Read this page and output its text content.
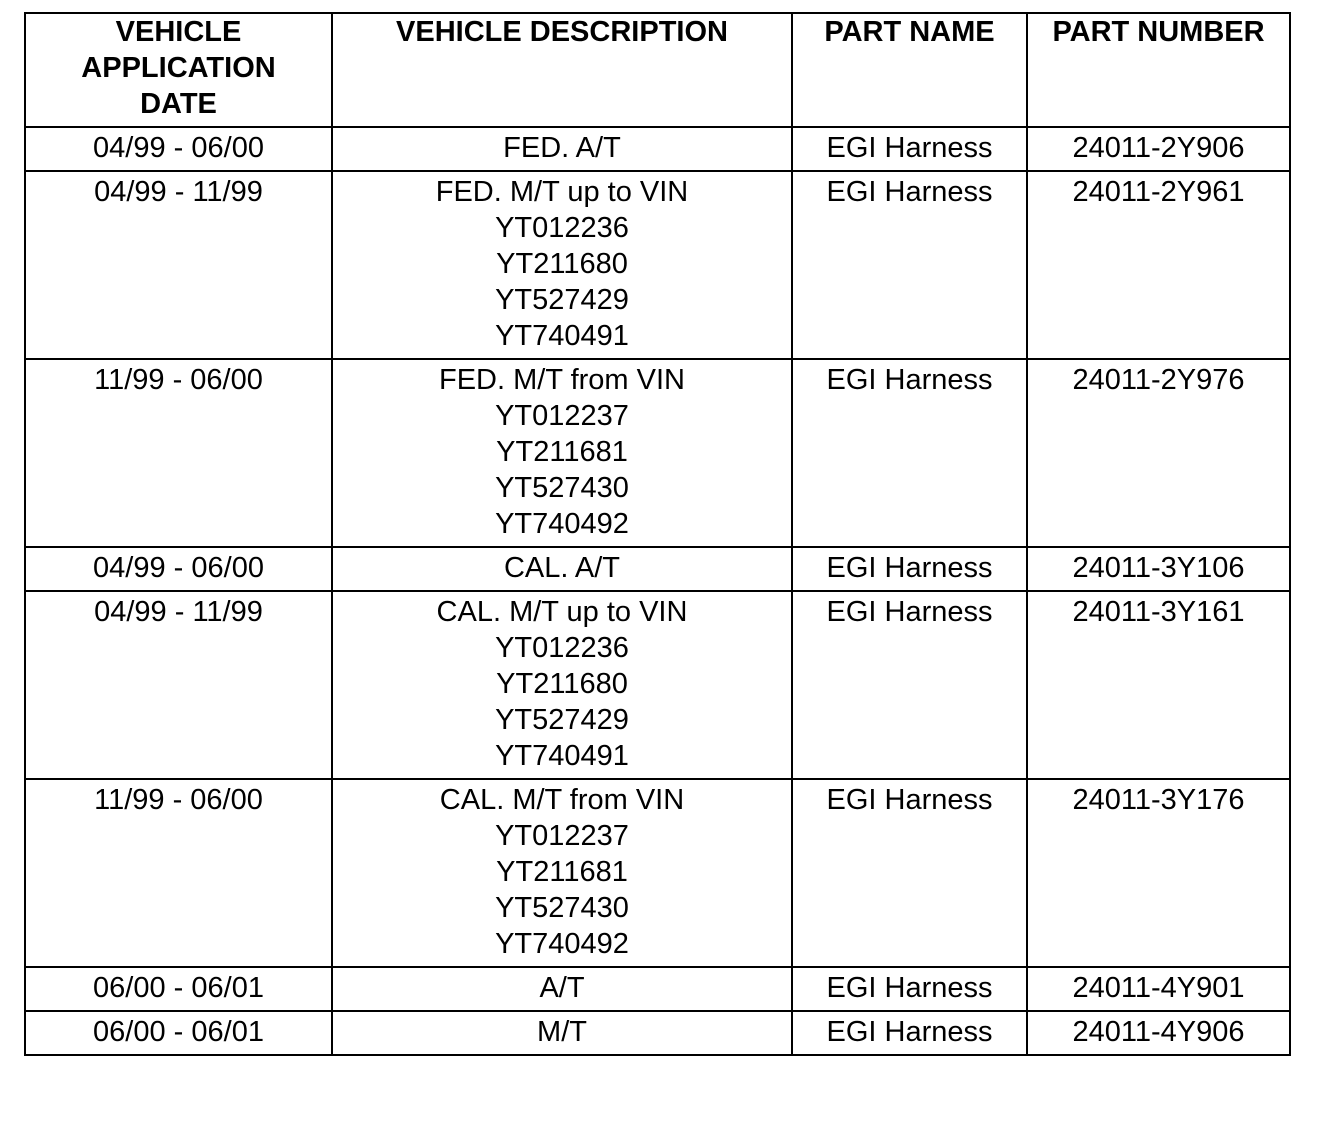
VEHICLE
APPLICATION
DATE	VEHICLE DESCRIPTION	PART NAME	PART NUMBER

04/99 - 06/00	FED. A/T	EGI Harness	24011-2Y906
04/99 - 11/99	FED. M/T up to VIN
YT012236
YT211680
YT527429
YT740491	EGI Harness	24011-2Y961
11/99 - 06/00	FED. M/T from VIN
YT012237
YT211681
YT527430
YT740492	EGI Harness	24011-2Y976
04/99 - 06/00	CAL. A/T	EGI Harness	24011-3Y106
04/99 - 11/99	CAL. M/T up to VIN
YT012236
YT211680
YT527429
YT740491	EGI Harness	24011-3Y161
11/99 - 06/00	CAL. M/T from VIN
YT012237
YT211681
YT527430
YT740492	EGI Harness	24011-3Y176
06/00 - 06/01	A/T	EGI Harness	24011-4Y901
06/00 - 06/01	M/T	EGI Harness	24011-4Y906
